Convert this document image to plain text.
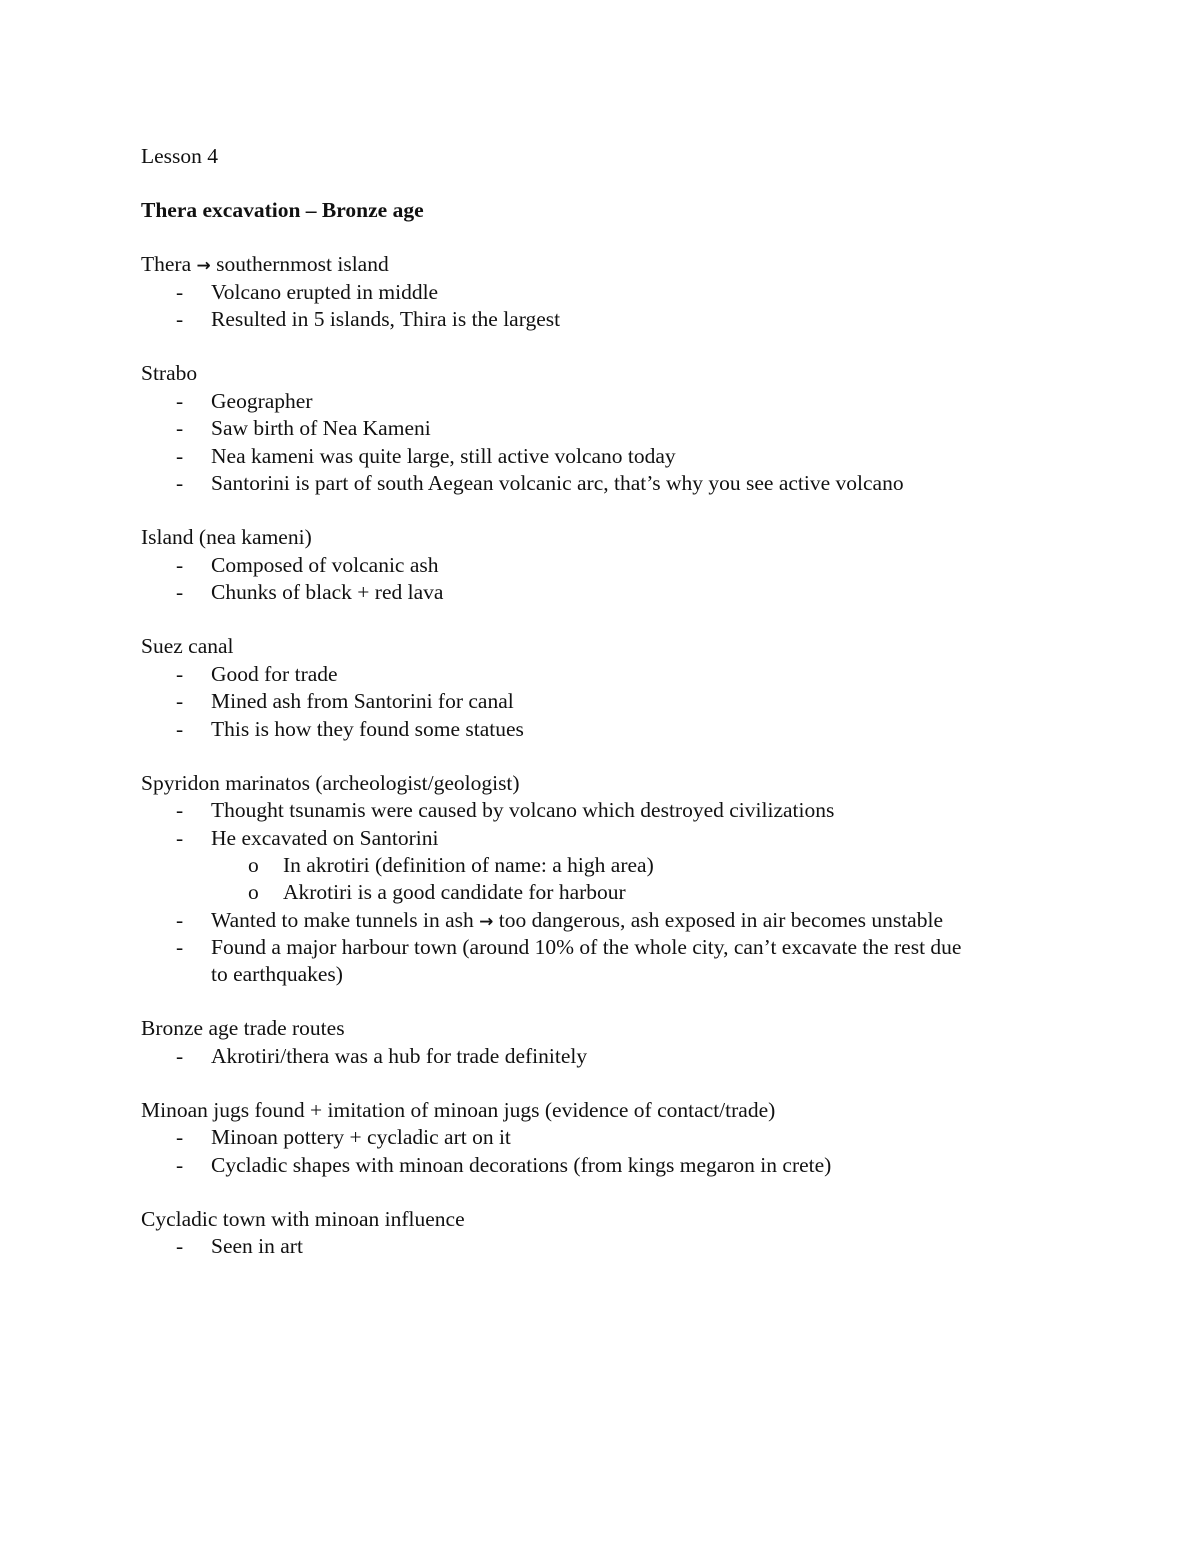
Lesson 4
Thera excavation – Bronze age
Thera → southernmost island
- Volcano erupted in middle
- Resulted in 5 islands, Thira is the largest
Strabo
- Geographer
- Saw birth of Nea Kameni
- Nea kameni was quite large, still active volcano today
- Santorini is part of south Aegean volcanic arc, that’s why you see active volcano
Island (nea kameni)
- Composed of volcanic ash
- Chunks of black + red lava
Suez canal
- Good for trade
- Mined ash from Santorini for canal
- This is how they found some statues
Spyridon marinatos (archeologist/geologist)
- Thought tsunamis were caused by volcano which destroyed civilizations
- He excavated on Santorini
o In akrotiri (definition of name: a high area)
o Akrotiri is a good candidate for harbour
- Wanted to make tunnels in ash → too dangerous, ash exposed in air becomes unstable
- Found a major harbour town (around 10% of the whole city, can’t excavate the rest due
to earthquakes)
Bronze age trade routes
- Akrotiri/thera was a hub for trade definitely
Minoan jugs found + imitation of minoan jugs (evidence of contact/trade)
- Minoan pottery + cycladic art on it
- Cycladic shapes with minoan decorations (from kings megaron in crete)
Cycladic town with minoan influence
- Seen in art
